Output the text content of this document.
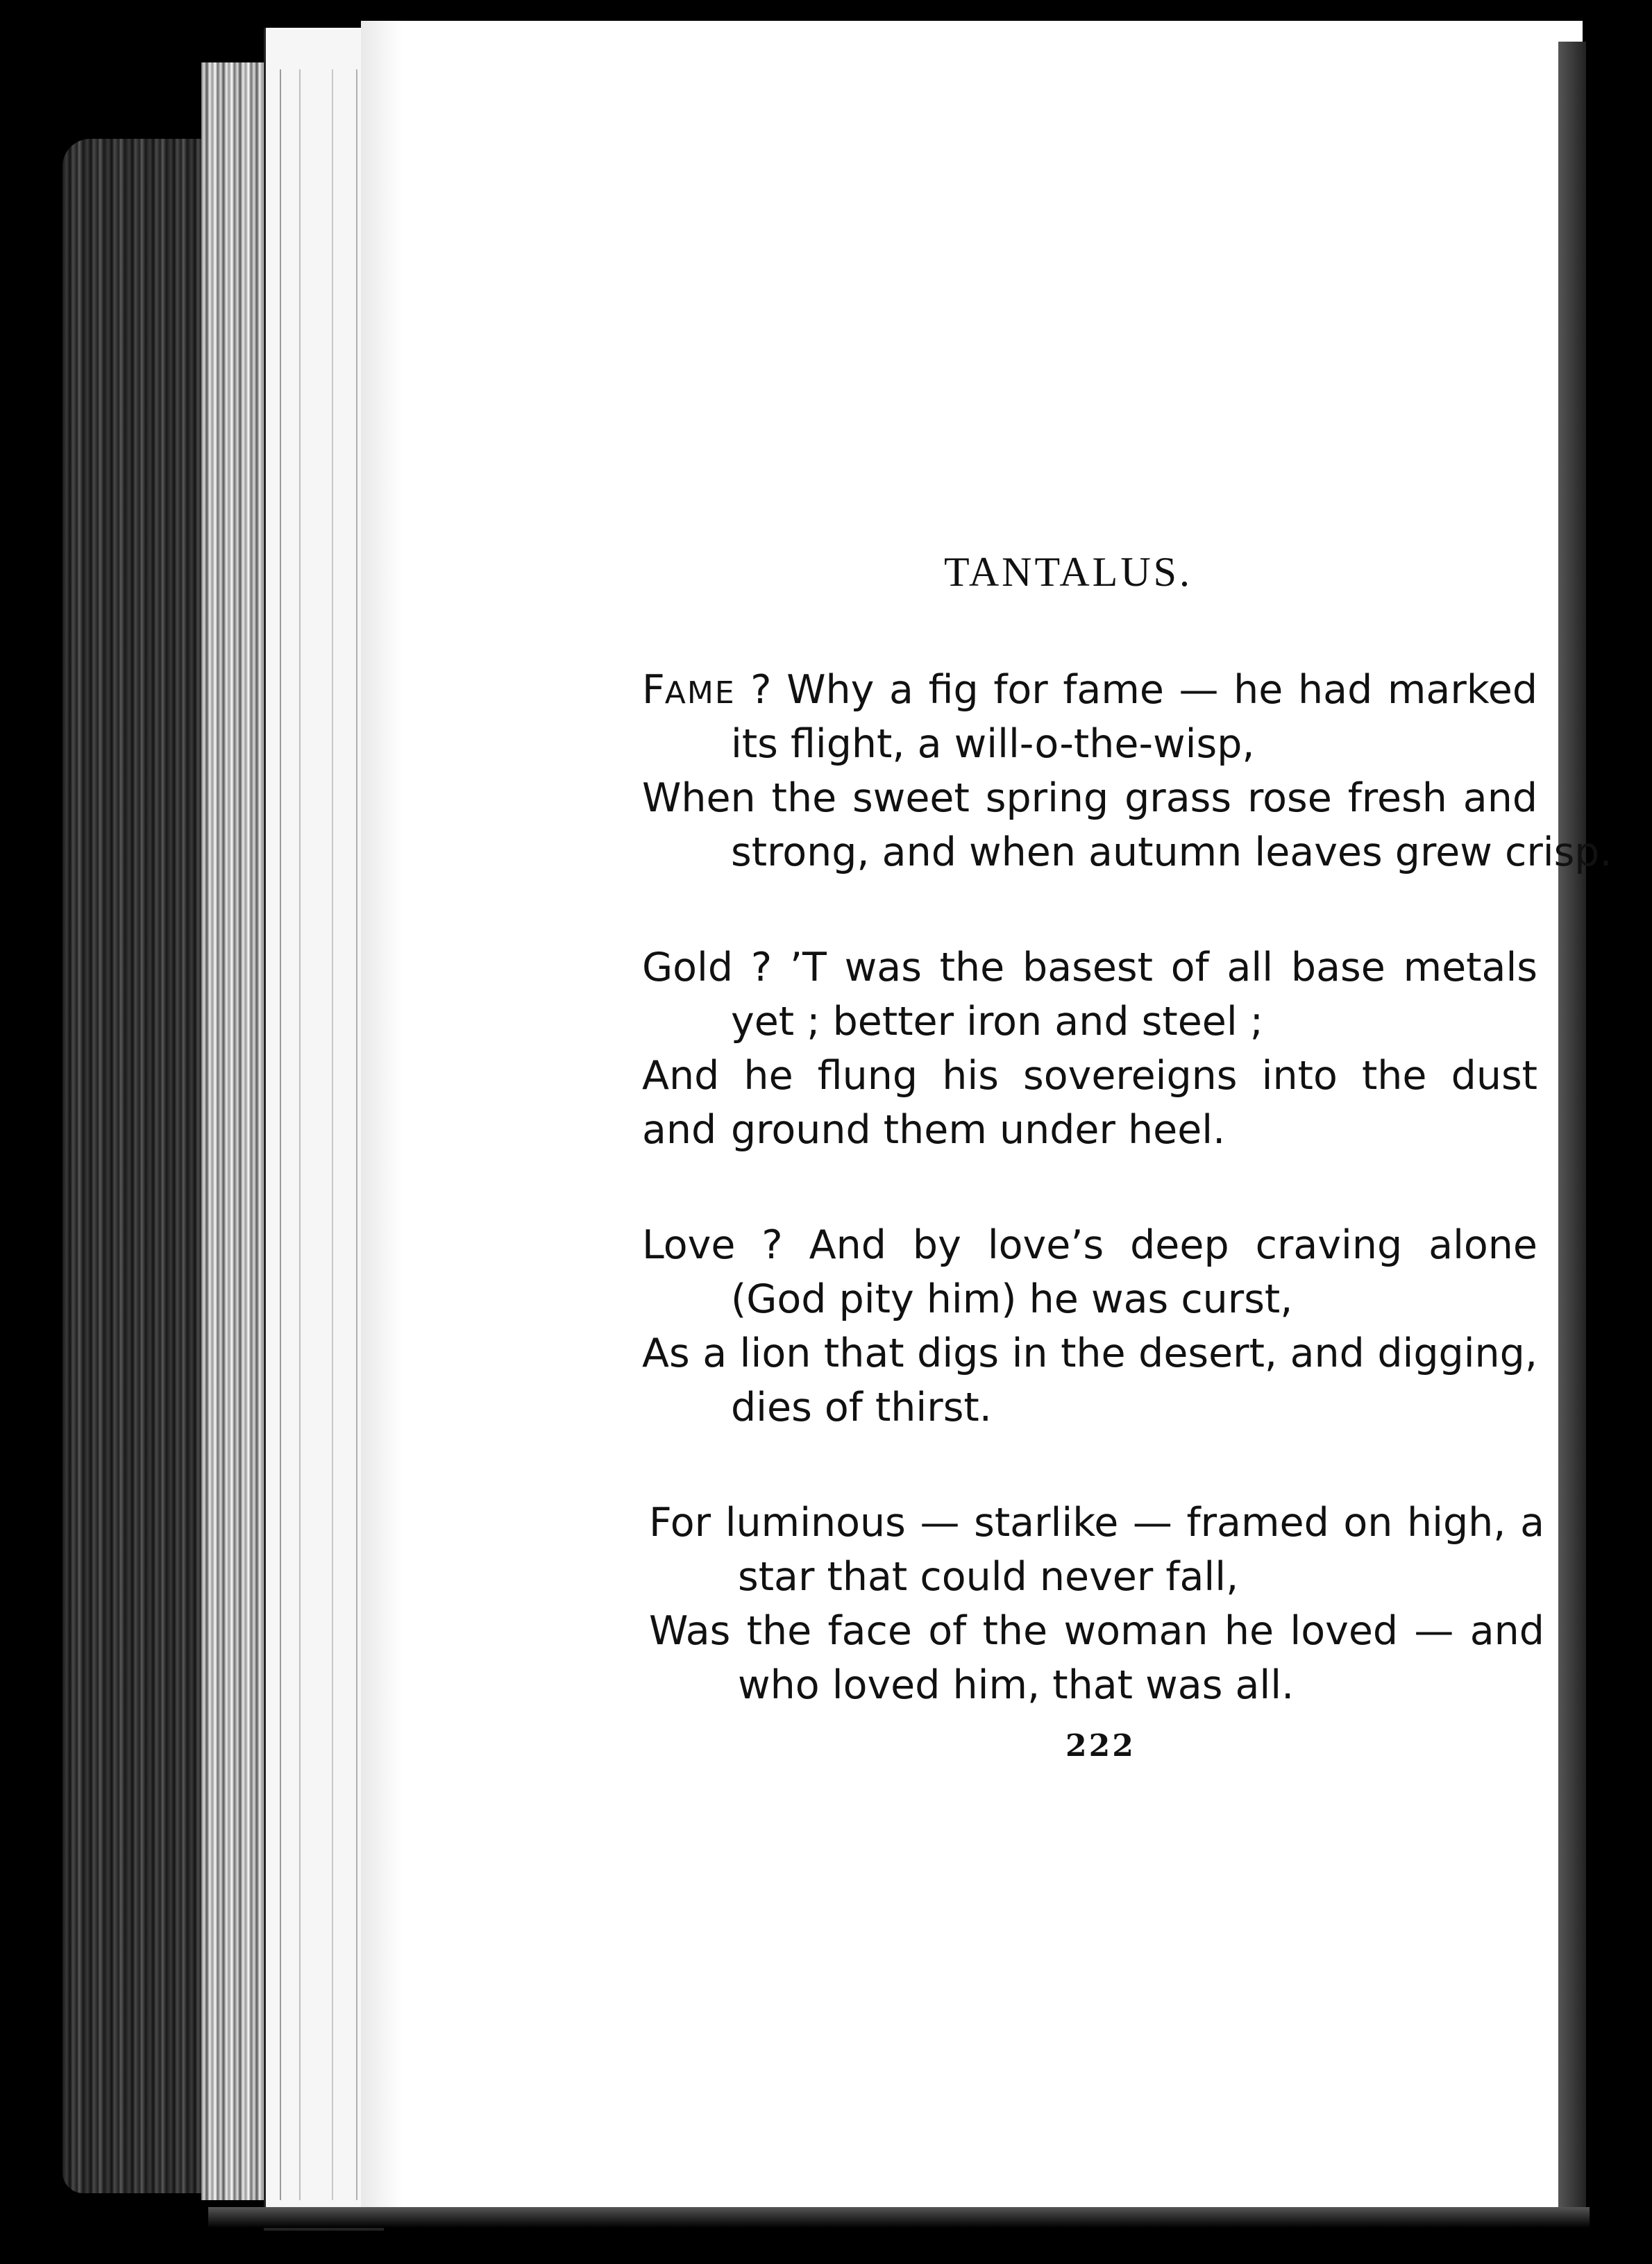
TANTALUS.
FAME ? Why a fig for fame — he had marked
its flight, a will-o-the-wisp,
When the sweet spring grass rose fresh and
strong, and when autumn leaves grew crisp.
Gold ? ’T was the basest of all base metals
yet ; better iron and steel ;
And he flung his sovereigns into the dust and ground them under heel.
Love ? And by love’s deep craving alone
(God pity him) he was curst,
As a lion that digs in the desert, and digging,
dies of thirst.
For luminous — starlike — framed on high, a
star that could never fall,
Was the face of the woman he loved — and
who loved him, that was all.
222
